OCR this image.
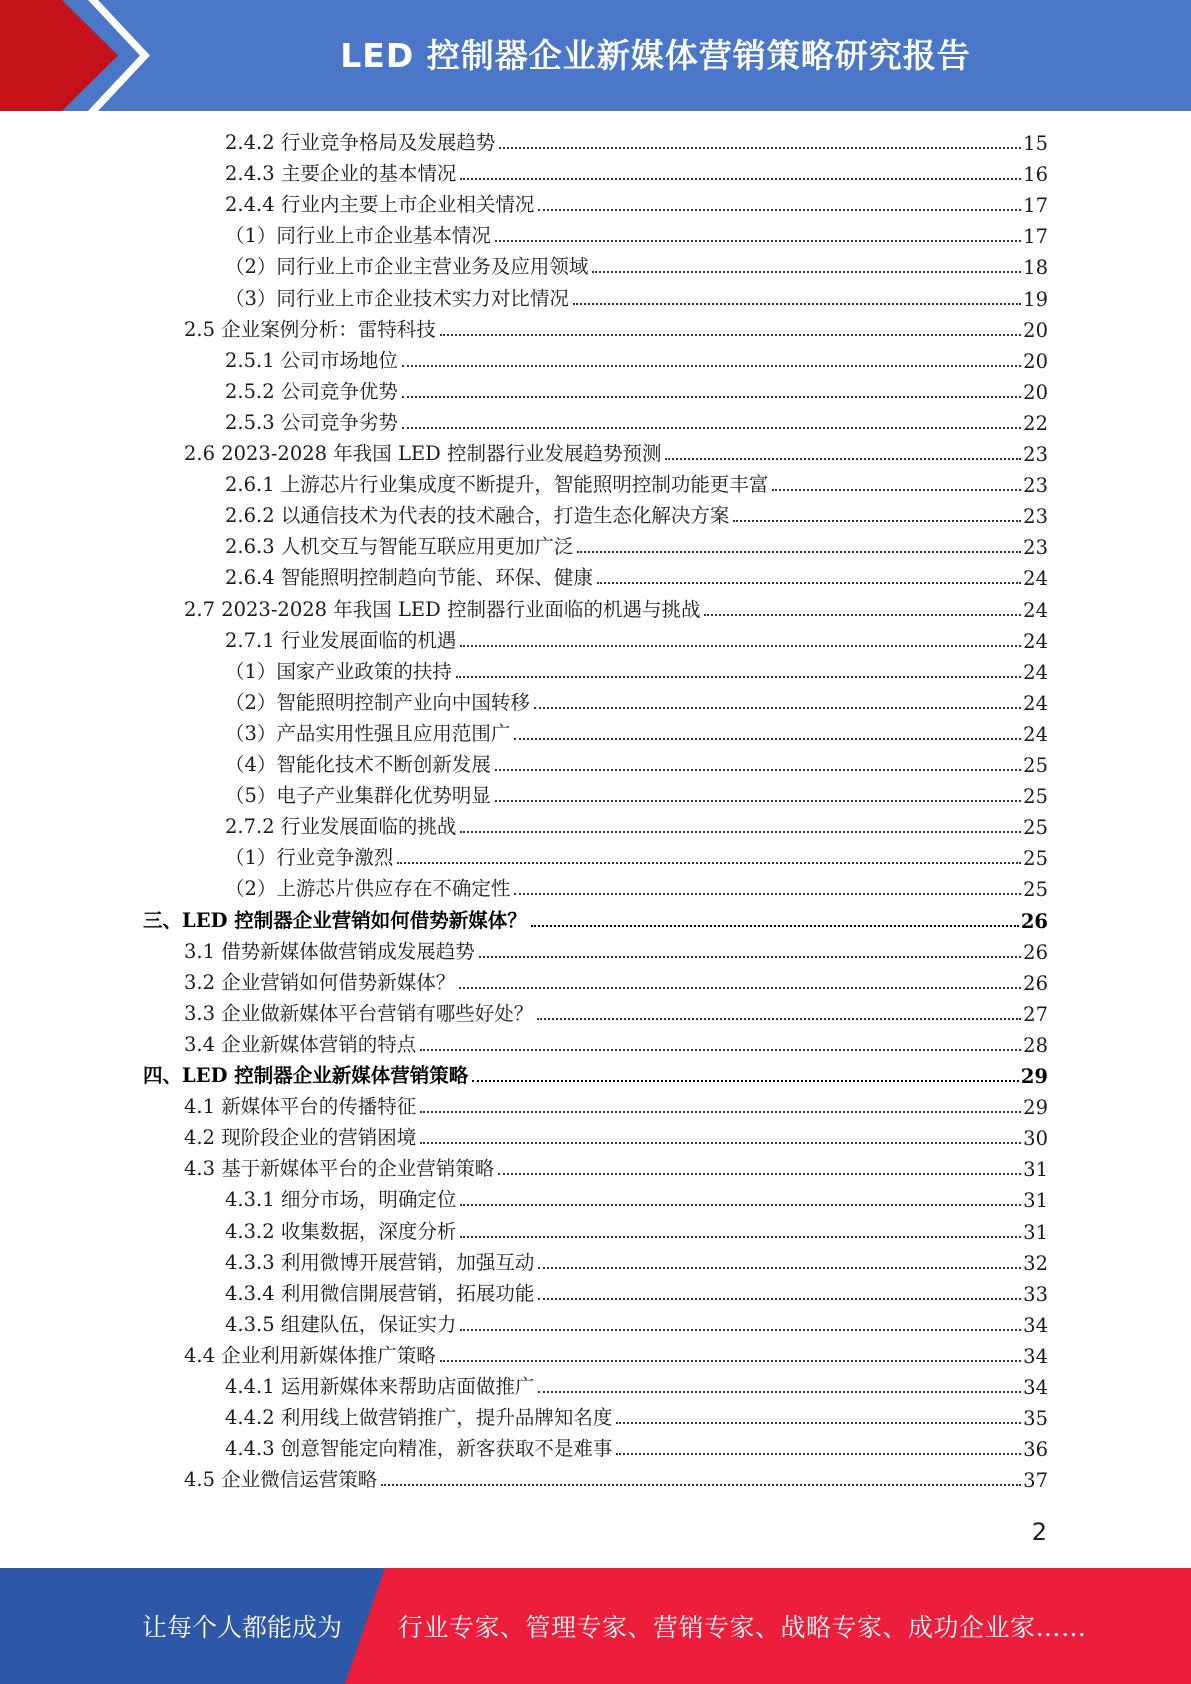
LED 控制器企业新媒体营销策略研究报告
2.4.2 行业竞争格局及发展趋势	15
2.4.3 主要企业的基本情况	16
2.4.4 行业内主要上市企业相关情况	17
（1）同行业上市企业基本情况	17
（2）同行业上市企业主营业务及应用领域	18
（3）同行业上市企业技术实力对比情况	19
2.5 企业案例分析：雷特科技	20
2.5.1 公司市场地位	20
2.5.2 公司竞争优势	20
2.5.3 公司竞争劣势	22
2.6 2023-2028 年我国 LED 控制器行业发展趋势预测	23
2.6.1 上游芯片行业集成度不断提升，智能照明控制功能更丰富	23
2.6.2 以通信技术为代表的技术融合，打造生态化解决方案	23
2.6.3 人机交互与智能互联应用更加广泛	23
2.6.4 智能照明控制趋向节能、环保、健康	24
2.7 2023-2028 年我国 LED 控制器行业面临的机遇与挑战	24
2.7.1 行业发展面临的机遇	24
（1）国家产业政策的扶持	24
（2）智能照明控制产业向中国转移	24
（3）产品实用性强且应用范围广	24
（4）智能化技术不断创新发展	25
（5）电子产业集群化优势明显	25
2.7.2 行业发展面临的挑战	25
（1）行业竞争激烈	25
（2）上游芯片供应存在不确定性	25
三、LED 控制器企业营销如何借势新媒体？	26
3.1 借势新媒体做营销成发展趋势	26
3.2 企业营销如何借势新媒体？	26
3.3 企业做新媒体平台营销有哪些好处？	27
3.4 企业新媒体营销的特点	28
四、LED 控制器企业新媒体营销策略	29
4.1 新媒体平台的传播特征	29
4.2 现阶段企业的营销困境	30
4.3 基于新媒体平台的企业营销策略	31
4.3.1 细分市场，明确定位	31
4.3.2 收集数据，深度分析	31
4.3.3 利用微博开展营销，加强互动	32
4.3.4 利用微信開展营销，拓展功能	33
4.3.5 组建队伍，保证实力	34
4.4 企业利用新媒体推广策略	34
4.4.1 运用新媒体来帮助店面做推广	34
4.4.2 利用线上做营销推广，提升品牌知名度	35
4.4.3 创意智能定向精准，新客获取不是难事	36
4.5 企业微信运营策略	37
2
让每个人都能成为 行业专家、管理专家、营销专家、战略专家、成功企业家……
